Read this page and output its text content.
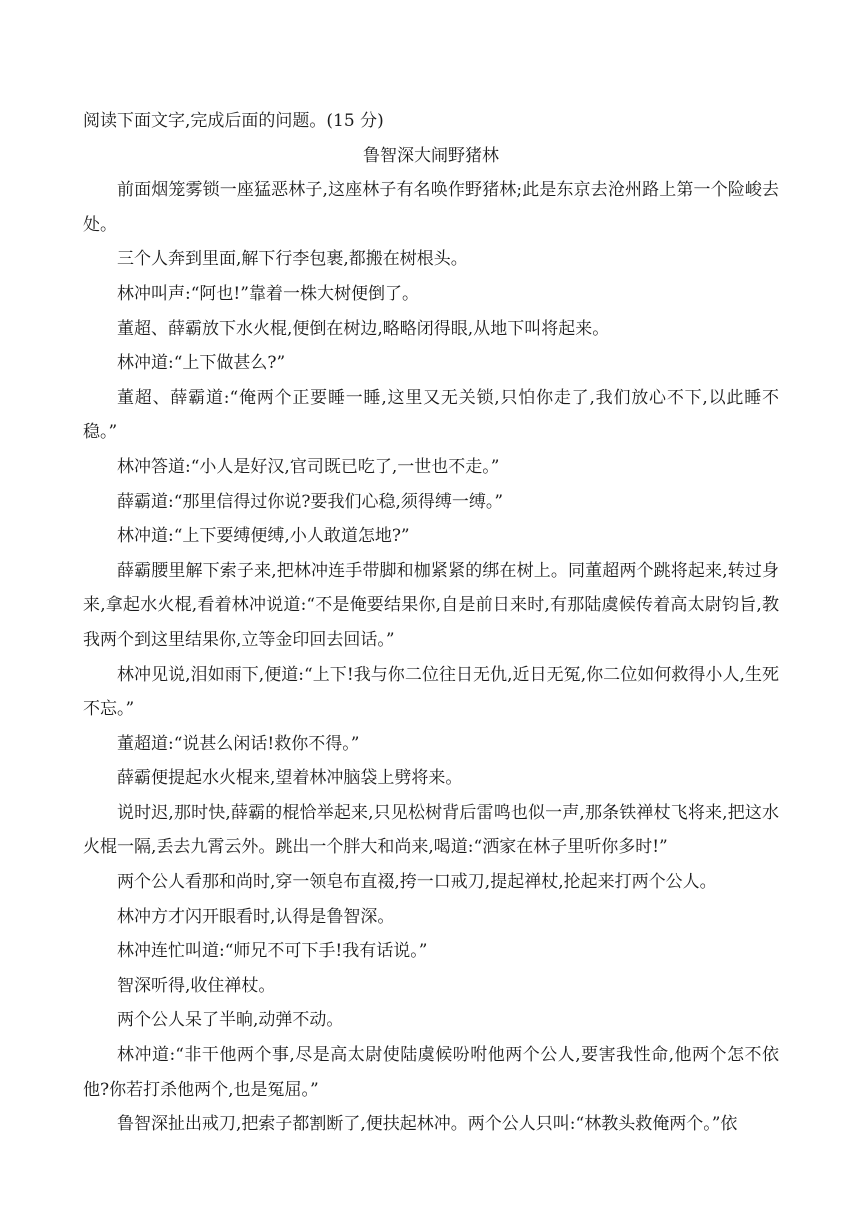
阅读下面文字,完成后面的问题。(15 分)

鲁智深大闹野猪林

前面烟笼雾锁一座猛恶林子,这座林子有名唤作野猪林;此是东京去沧州路上第一个险峻去处。

三个人奔到里面,解下行李包裹,都搬在树根头。

林冲叫声:“阿也!”靠着一株大树便倒了。

董超、薛霸放下水火棍,便倒在树边,略略闭得眼,从地下叫将起来。

林冲道:“上下做甚么?”

董超、薛霸道:“俺两个正要睡一睡,这里又无关锁,只怕你走了,我们放心不下,以此睡不稳。”

林冲答道:“小人是好汉,官司既已吃了,一世也不走。”

薛霸道:“那里信得过你说?要我们心稳,须得缚一缚。”

林冲道:“上下要缚便缚,小人敢道怎地?”

薛霸腰里解下索子来,把林冲连手带脚和枷紧紧的绑在树上。同董超两个跳将起来,转过身来,拿起水火棍,看着林冲说道:“不是俺要结果你,自是前日来时,有那陆虞候传着高太尉钧旨,教我两个到这里结果你,立等金印回去回话。”

林冲见说,泪如雨下,便道:“上下!我与你二位往日无仇,近日无冤,你二位如何救得小人,生死不忘。”

董超道:“说甚么闲话!救你不得。”

薛霸便提起水火棍来,望着林冲脑袋上劈将来。

说时迟,那时快,薛霸的棍恰举起来,只见松树背后雷鸣也似一声,那条铁禅杖飞将来,把这水火棍一隔,丢去九霄云外。跳出一个胖大和尚来,喝道:“洒家在林子里听你多时!”

两个公人看那和尚时,穿一领皂布直裰,挎一口戒刀,提起禅杖,抡起来打两个公人。

林冲方才闪开眼看时,认得是鲁智深。

林冲连忙叫道:“师兄不可下手!我有话说。”

智深听得,收住禅杖。

两个公人呆了半晌,动弹不动。

林冲道:“非干他两个事,尽是高太尉使陆虞候吩咐他两个公人,要害我性命,他两个怎不依他?你若打杀他两个,也是冤屈。”

鲁智深扯出戒刀,把索子都割断了,便扶起林冲。两个公人只叫:“林教头救俺两个。”依
